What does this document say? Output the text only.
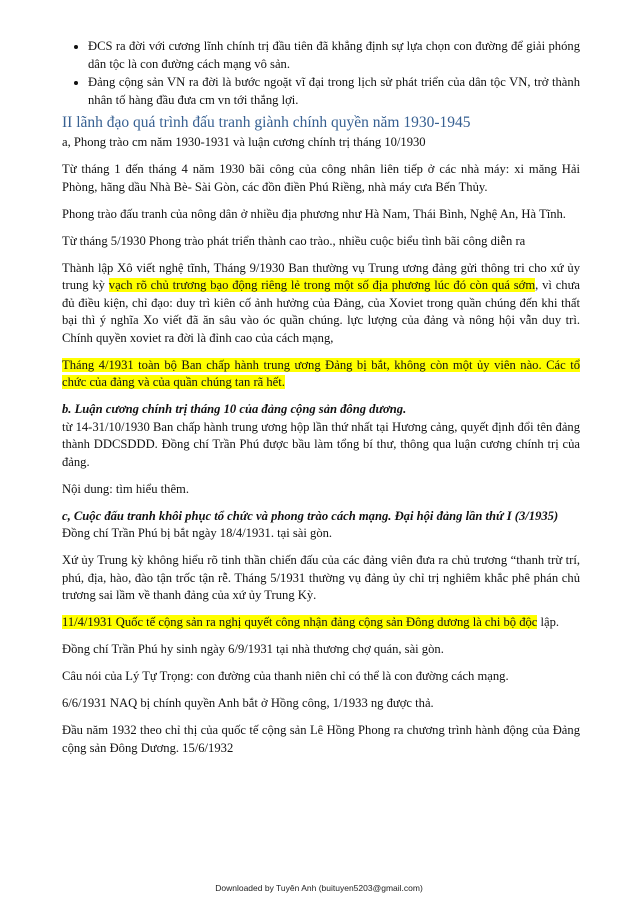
• ĐCS ra đời với cương lĩnh chính trị đầu tiên đã khẳng định sự lựa chọn con đường để giải phóng dân tộc là con đường cách mạng vô sản.
• Đảng cộng sản VN ra đời là bước ngoặt vĩ đại trong lịch sử phát triển của dân tộc VN, trở thành nhân tố hàng đầu đưa cm vn tới thắng lợi.
II lãnh đạo quá trình đấu tranh giành chính quyền năm 1930-1945

a, Phong trào cm năm 1930-1931 và luận cương chính trị tháng 10/1930

Từ tháng 1 đến tháng 4 năm 1930 bãi công của công nhân liên tiếp ở các nhà máy: xi măng Hải Phòng, hãng dầu Nhà Bè- Sài Gòn, các đồn điền Phú Riềng, nhà máy cưa Bến Thủy.

Phong trào đấu tranh của nông dân ở nhiều địa phương như Hà Nam, Thái Bình, Nghệ An, Hà Tĩnh.

Từ tháng 5/1930 Phong trào phát triển thành cao trào., nhiều cuộc biểu tình bãi công diễn ra

Thành lập Xô viết nghệ tĩnh, Tháng 9/1930 Ban thường vụ Trung ương đảng gửi thông tri cho xứ ủy trung kỳ vạch rõ chủ trương bạo động riêng lẻ trong một số địa phương lúc đó còn quá sớm, vì chưa đủ điều kiện, chỉ đạo: duy trì kiên cố ảnh hưởng của Đảng, của Xoviet trong quần chúng đến khi thất bại thì ý nghĩa Xo viết đã ăn sâu vào óc quần chúng. lực lượng của đảng và nông hội vẫn duy trì. Chính quyền xoviet ra đời là đỉnh cao của cách mạng,

Tháng 4/1931 toàn bộ Ban chấp hành trung ương Đảng bị bắt, không còn một ủy viên nào. Các tổ chức của đảng và của quần chúng tan rã hết.

b. Luận cương chính trị tháng 10 của đảng cộng sản đông dương.

từ 14-31/10/1930 Ban chấp hành trung ương hộp lần thứ nhất tại Hương cảng, quyết định đổi tên đảng thành DDCSDDD. Đồng chí Trần Phú được bầu làm tổng bí thư, thông qua luận cương chính trị của đảng.

Nội dung: tìm hiểu thêm.

c, Cuộc đấu tranh khôi phục tổ chức và phong trào cách mạng. Đại hội đảng lần thứ I (3/1935)

Đồng chí Trần Phú bị bắt ngày 18/4/1931. tại sài gòn.

Xứ ủy Trung kỳ không hiểu rõ tinh thần chiến đấu của các đảng viên đưa ra chủ trương “thanh trừ trí, phú, địa, hào, đào tận trốc tận rễ. Tháng 5/1931 thường vụ đảng ủy chỉ trị nghiêm khắc phê phán chủ trương sai lầm về thanh đảng của xứ ủy Trung Kỳ.

11/4/1931 Quốc tế cộng sản ra nghị quyết công nhận đảng cộng sản Đông dương là chi bộ độc lập.

Đồng chí Trần Phú hy sinh ngày 6/9/1931 tại nhà thương chợ quán, sài gòn.

Câu nói của Lý Tự Trọng: con đường của thanh niên chỉ có thể là con đường cách mạng.

6/6/1931 NAQ bị chính quyền Anh bắt ở Hồng công, 1/1933 ng được thả.

Đầu năm 1932 theo chỉ thị của quốc tế cộng sản Lê Hồng Phong ra chương trình hành động của Đảng cộng sản Đông Dương. 15/6/1932

Downloaded by Tuyên Anh (buituyen5203@gmail.com)
